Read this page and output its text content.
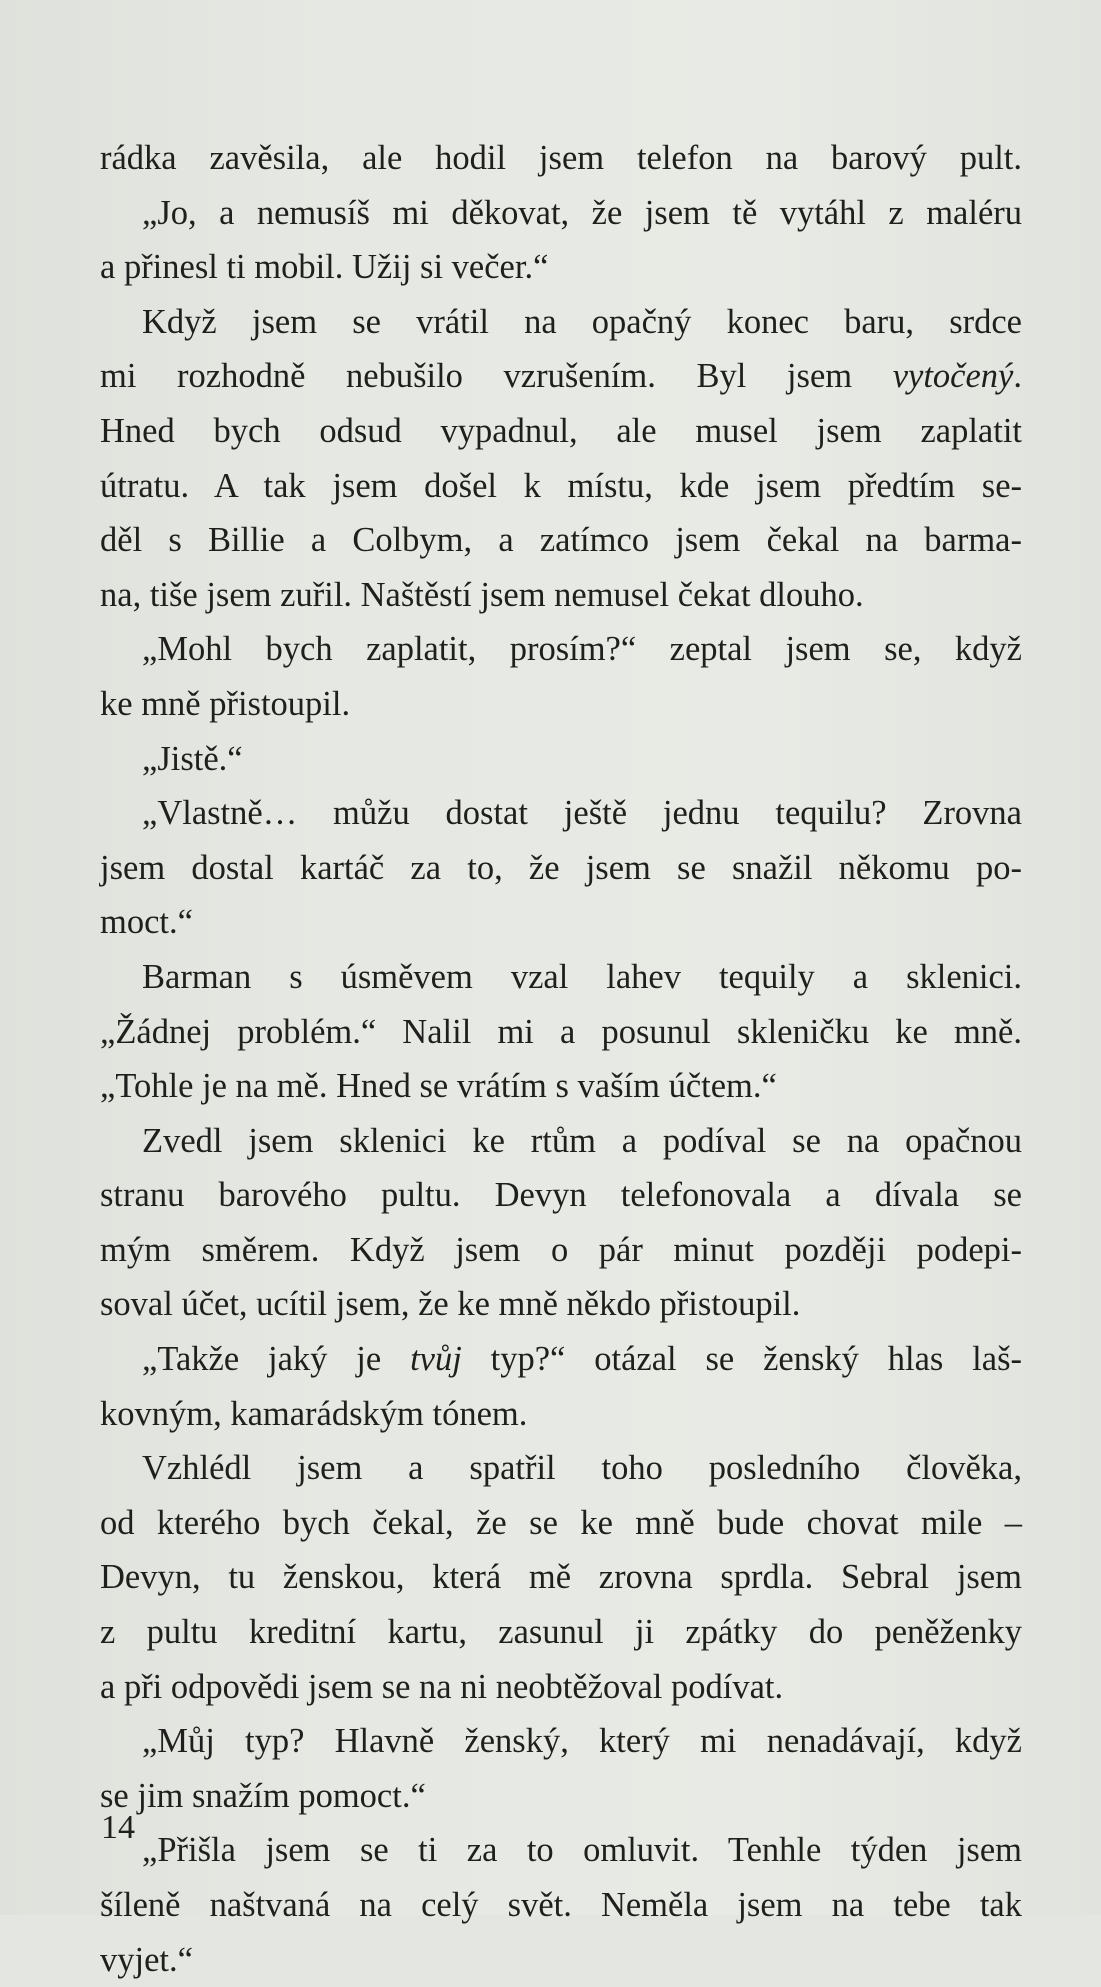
rádka zavěsila, ale hodil jsem telefon na barový pult.
„Jo, a nemusíš mi děkovat, že jsem tě vytáhl z maléru
a přinesl ti mobil. Užij si večer.“
Když jsem se vrátil na opačný konec baru, srdce
mi rozhodně nebušilo vzrušením. Byl jsem vytočený.
Hned bych odsud vypadnul, ale musel jsem zaplatit
útratu. A tak jsem došel k místu, kde jsem předtím se-
děl s Billie a Colbym, a zatímco jsem čekal na barma-
na, tiše jsem zuřil. Naštěstí jsem nemusel čekat dlouho.
„Mohl bych zaplatit, prosím?“ zeptal jsem se, když
ke mně přistoupil.
„Jistě.“
„Vlastně… můžu dostat ještě jednu tequilu? Zrovna
jsem dostal kartáč za to, že jsem se snažil někomu po-
moct.“
Barman s úsměvem vzal lahev tequily a sklenici.
„Žádnej problém.“ Nalil mi a posunul skleničku ke mně.
„Tohle je na mě. Hned se vrátím s vaším účtem.“
Zvedl jsem sklenici ke rtům a podíval se na opačnou
stranu barového pultu. Devyn telefonovala a dívala se
mým směrem. Když jsem o pár minut později podepi-
soval účet, ucítil jsem, že ke mně někdo přistoupil.
„Takže jaký je tvůj typ?“ otázal se ženský hlas laš-
kovným, kamarádským tónem.
Vzhlédl jsem a spatřil toho posledního člověka,
od kterého bych čekal, že se ke mně bude chovat mile –
Devyn, tu ženskou, která mě zrovna sprdla. Sebral jsem
z pultu kreditní kartu, zasunul ji zpátky do peněženky
a při odpovědi jsem se na ni neobtěžoval podívat.
„Můj typ? Hlavně ženský, který mi nenadávají, když
se jim snažím pomoct.“
„Přišla jsem se ti za to omluvit. Tenhle týden jsem
šíleně naštvaná na celý svět. Neměla jsem na tebe tak
vyjet.“
14
